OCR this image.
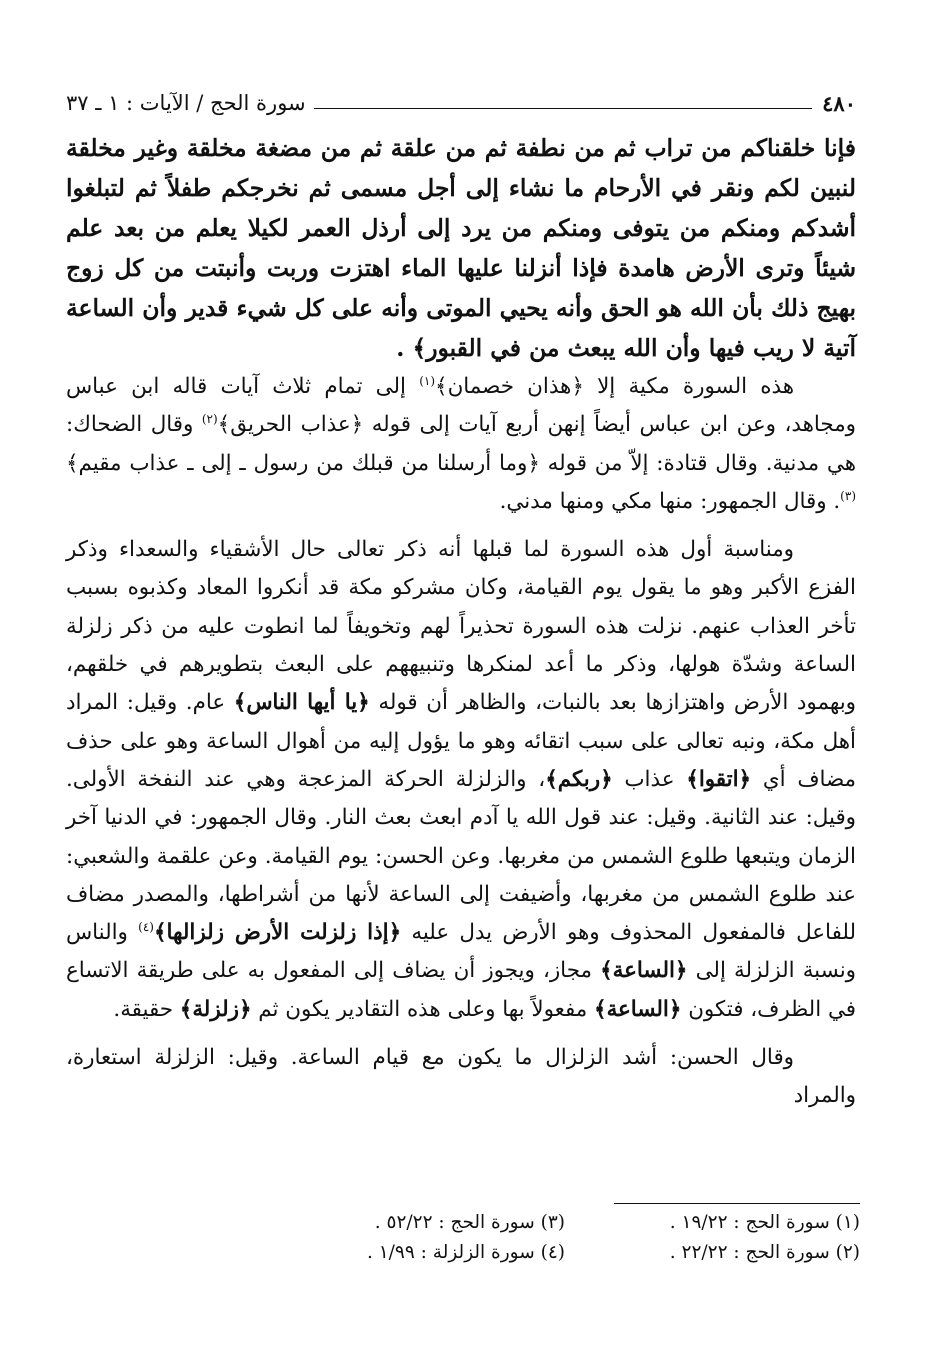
٤٨٠
سورة الحج / الآيات : ١ ـ ٣٧

فإنا خلقناكم من تراب ثم من نطفة ثم من علقة ثم من مضغة مخلقة وغير مخلقة لنبين لكم ونقر في الأرحام ما نشاء إلى أجل مسمى ثم نخرجكم طفلاً ثم لتبلغوا أشدكم ومنكم من يتوفى ومنكم من يرد إلى أرذل العمر لكيلا يعلم من بعد علم شيئاً وترى الأرض هامدة فإذا أنزلنا عليها الماء اهتزت وربت وأنبتت من كل زوج بهيج ذلك بأن الله هو الحق وأنه يحيي الموتى وأنه على كل شيء قدير وأن الساعة آتية لا ريب فيها وأن الله يبعث من في القبور﴾ .

هذه السورة مكية إلا ﴿هذان خصمان﴾$^{(١)}$ إلى تمام ثلاث آيات قاله ابن عباس ومجاهد، وعن ابن عباس أيضاً إنهن أربع آيات إلى قوله ﴿عذاب الحريق﴾$^{(٢)}$ وقال الضحاك: هي مدنية. وقال قتادة: إلاّ من قوله ﴿وما أرسلنا من قبلك من رسول ـ إلى ـ عذاب مقيم﴾$^{(٣)}$. وقال الجمهور: منها مكي ومنها مدني.

ومناسبة أول هذه السورة لما قبلها أنه ذكر تعالى حال الأشقياء والسعداء وذكر الفزع الأكبر وهو ما يقول يوم القيامة، وكان مشركو مكة قد أنكروا المعاد وكذبوه بسبب تأخر العذاب عنهم. نزلت هذه السورة تحذيراً لهم وتخويفاً لما انطوت عليه من ذكر زلزلة الساعة وشدّة هولها، وذكر ما أعد لمنكرها وتنبيههم على البعث بتطويرهم في خلقهم، وبهمود الأرض واهتزازها بعد بالنبات، والظاهر أن قوله ﴿يا أيها الناس﴾ عام. وقيل: المراد أهل مكة، ونبه تعالى على سبب اتقائه وهو ما يؤول إليه من أهوال الساعة وهو على حذف مضاف أي ﴿اتقوا﴾ عذاب ﴿ربكم﴾، والزلزلة الحركة المزعجة وهي عند النفخة الأولى. وقيل: عند الثانية. وقيل: عند قول الله يا آدم ابعث بعث النار. وقال الجمهور: في الدنيا آخر الزمان ويتبعها طلوع الشمس من مغربها. وعن الحسن: يوم القيامة. وعن علقمة والشعبي: عند طلوع الشمس من مغربها، وأضيفت إلى الساعة لأنها من أشراطها، والمصدر مضاف للفاعل فالمفعول المحذوف وهو الأرض يدل عليه ﴿إذا زلزلت الأرض زلزالها﴾$^{(٤)}$ والناس ونسبة الزلزلة إلى ﴿الساعة﴾ مجاز، ويجوز أن يضاف إلى المفعول به على طريقة الاتساع في الظرف، فتكون ﴿الساعة﴾ مفعولاً بها وعلى هذه التقادير يكون ثم ﴿زلزلة﴾ حقيقة.

وقال الحسن: أشد الزلزال ما يكون مع قيام الساعة. وقيل: الزلزلة استعارة، والمراد

(١) سورة الحج : ١٩/٢٢ .
(٣) سورة الحج : ٥٢/٢٢ .
(٢) سورة الحج : ٢٢/٢٢ .
(٤) سورة الزلزلة : ١/٩٩ .
